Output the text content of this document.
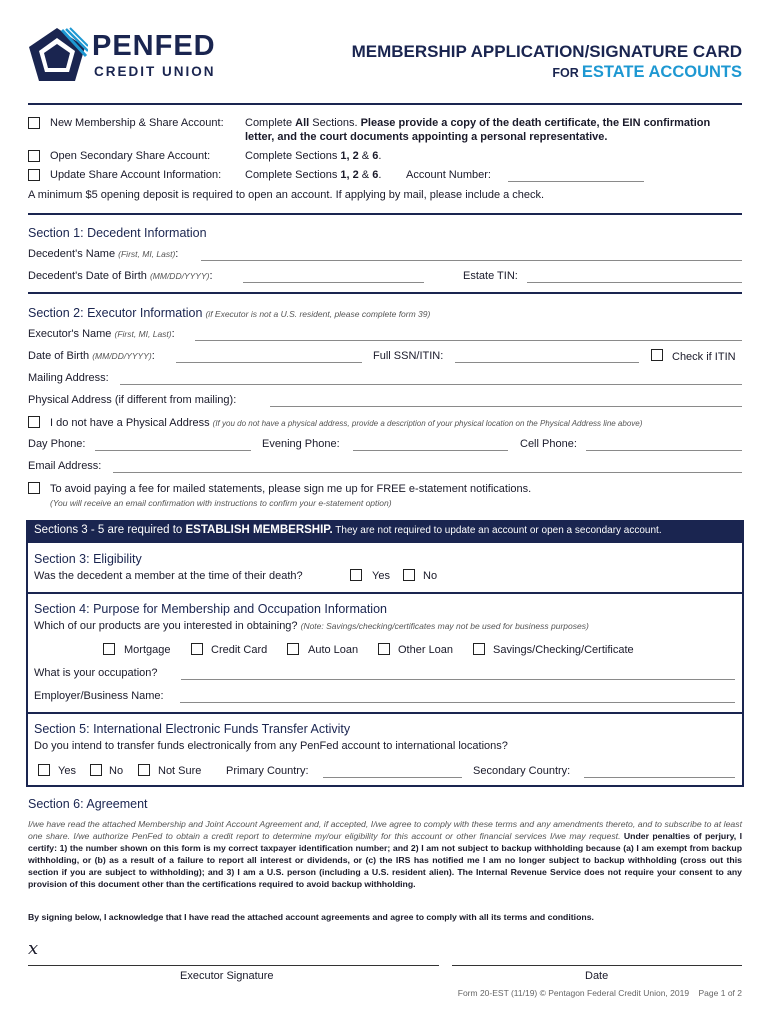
PENFED
CREDIT UNION
MEMBERSHIP APPLICATION/SIGNATURE CARD
FOR ESTATE ACCOUNTS
New Membership & Share Account: Complete All Sections. Please provide a copy of the death certificate, the EIN confirmation
letter, and the court documents appointing a personal representative.
Open Secondary Share Account:	Complete Sections 1, 2 & 6.
Update Share Account Information: Complete Sections 1, 2 & 6. Account Number:
A minimum $5 opening deposit is required to open an account. If applying by mail, please include a check.
Section 1: Decedent Information
Decedent's Name (First, MI, Last):
Decedent's Date of Birth (MM/DD/YYYY):	Estate TIN:
Section 2: Executor Information (if Executor is not a U.S. resident, please complete form 39)
Executor's Name (First, MI, Last):
Date of Birth (MM/DD/YYYY):	Full SSN/ITIN:	Check if ITIN
Mailing Address:
Physical Address (if different from mailing):
I do not have a Physical Address (If you do not have a physical address, provide a description of your physical location on the Physical Address line above)
Day Phone:	Evening Phone:	Cell Phone:
Email Address:
To avoid paying a fee for mailed statements, please sign me up for FREE e-statement notifications.
(You will receive an email confirmation with instructions to confirm your e-statement option)
Sections 3 - 5 are required to ESTABLISH MEMBERSHIP. They are not required to update an account or open a secondary account.
Section 3: Eligibility
Was the decedent a member at the time of their death?	Yes	No
Section 4: Purpose for Membership and Occupation Information
Which of our products are you interested in obtaining? (Note: Savings/checking/certificates may not be used for business purposes)
Mortgage	Credit Card	Auto Loan	Other Loan	Savings/Checking/Certificate
What is your occupation?
Employer/Business Name:
Section 5: International Electronic Funds Transfer Activity
Do you intend to transfer funds electronically from any PenFed account to international locations?
Yes	No	Not Sure Primary Country:	Secondary Country:
Section 6: Agreement
I/we have read the attached Membership and Joint Account Agreement and, if accepted, I/we agree to comply with these terms and any amendments thereto, and to subscribe to at least one share. I/we authorize PenFed to obtain a credit report to determine my/our eligibility for this account or other financial services I/we may request. Under penalties of perjury, I certify: 1) the number shown on this form is my correct taxpayer identification number; and 2) I am not subject to backup withholding because (a) I am exempt from backup withholding, or (b) as a result of a failure to report all interest or dividends, or (c) the IRS has notified me I am no longer subject to backup withholding (cross out this section if you are subject to withholding); and 3) I am a U.S. person (including a U.S. resident alien). The Internal Revenue Service does not require your consent to any provision of this document other than the certifications required to avoid backup withholding.
By signing below, I acknowledge that I have read the attached account agreements and agree to comply with all its terms and conditions.
x
Executor Signature	Date
Form 20-EST (11/19) © Pentagon Federal Credit Union, 2019    Page 1 of 2
